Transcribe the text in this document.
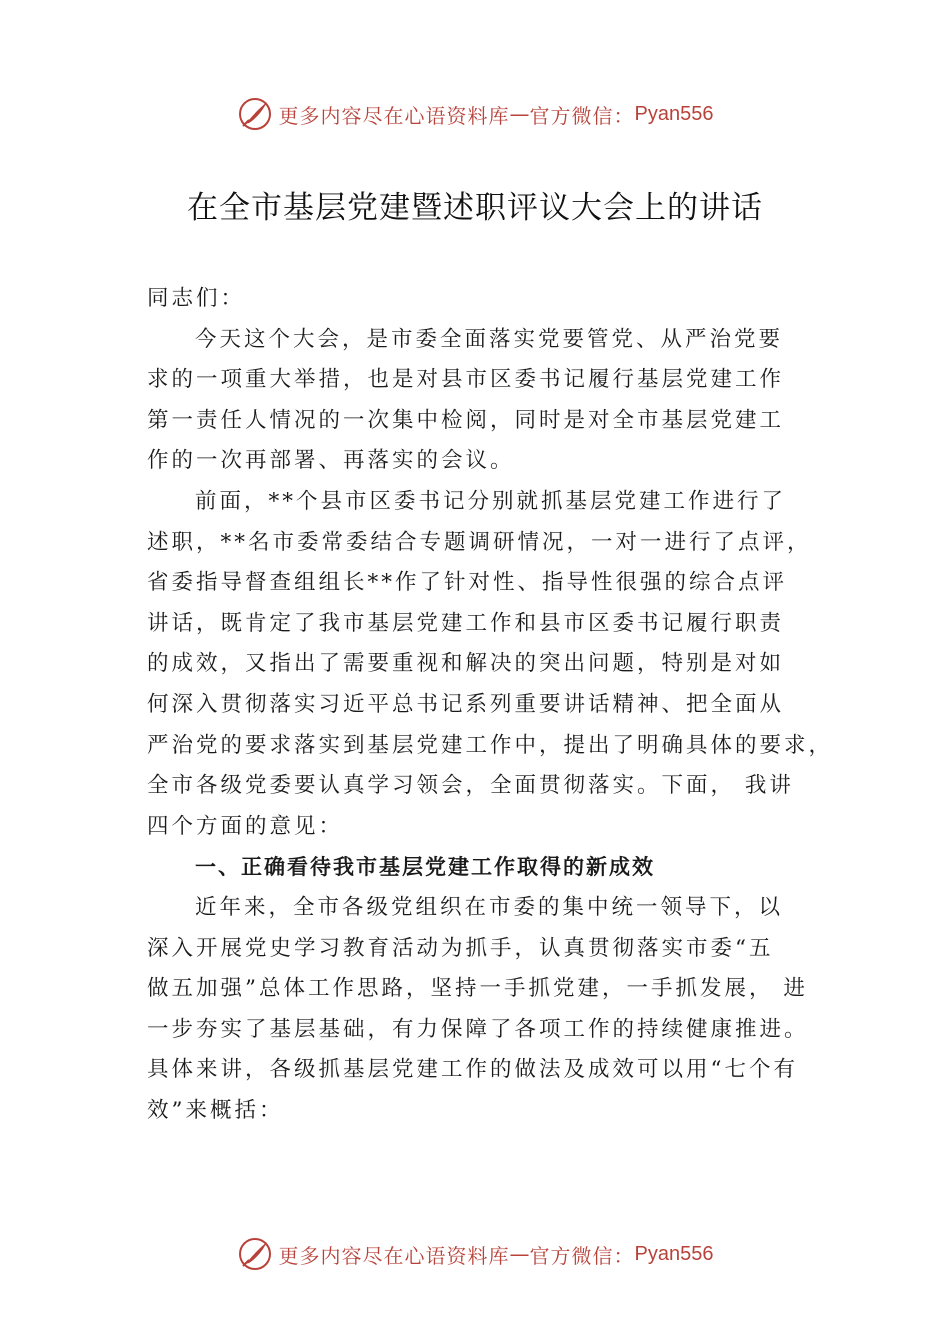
更多内容尽在心语资料库 — 官方微信： Pyan556
在全市基层党建暨述职评议大会上的讲话
同志们：
今天这个大会，是市委全面落实党要管党、从严治党要
求的一项重大举措，也是对县市区委书记履行基层党建工作
第一责任人情况的一次集中检阅，同时是对全市基层党建工
作的一次再部署、再落实的会议。
前面，**个县市区委书记分别就抓基层党建工作进行了
述职，**名市委常委结合专题调研情况，一对一进行了点评，
省委指导督查组组长**作了针对性、指导性很强的综合点评
讲话，既肯定了我市基层党建工作和县市区委书记履行职责
的成效，又指出了需要重视和解决的突出问题，特别是对如
何深入贯彻落实习近平总书记系列重要讲话精神、把全面从
严治党的要求落实到基层党建工作中，提出了明确具体的要求，
全市各级党委要认真学习领会，全面贯彻落实。下面， 我讲
四个方面的意见：
一、正确看待我市基层党建工作取得的新成效
近年来，全市各级党组织在市委的集中统一领导下，以
深入开展党史学习教育活动为抓手，认真贯彻落实市委“五
做五加强”总体工作思路，坚持一手抓党建，一手抓发展， 进
一步夯实了基层基础，有力保障了各项工作的持续健康推进。
具体来讲，各级抓基层党建工作的做法及成效可以用“七个有
效”来概括：
更多内容尽在心语资料库 — 官方微信： Pyan556
